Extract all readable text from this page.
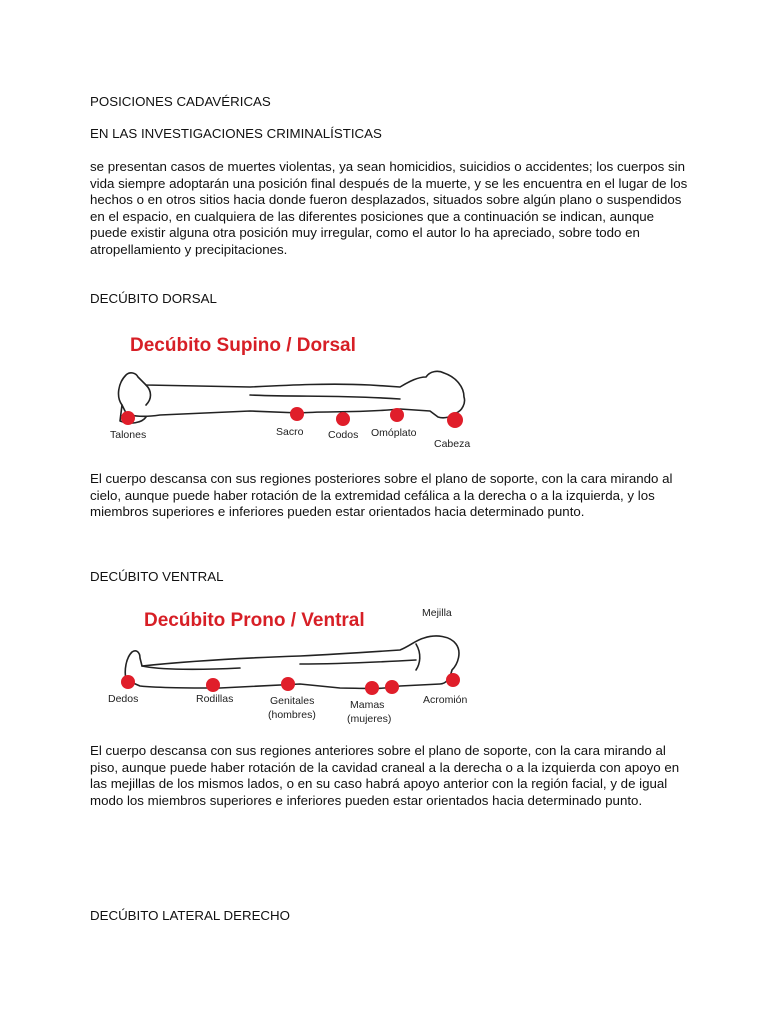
POSICIONES CADAVÉRICAS

EN LAS INVESTIGACIONES CRIMINALÍSTICAS

se presentan casos de muertes violentas, ya sean homicidios, suicidios o accidentes; los cuerpos sin vida siempre adoptarán una posición final después de la muerte, y se les encuentra en el lugar de los hechos o en otros sitios hacia donde fueron desplazados, situados sobre algún plano o suspendidos en el espacio, en cualquiera de las diferentes posiciones que a continuación se indican, aunque puede existir alguna otra posición muy irregular, como el autor lo ha apreciado, sobre todo en atropellamiento y precipitaciones.

DECÚBITO DORSAL

Decúbito Supino / Dorsal
Talones	Sacro Codos Omóplato
Cabeza

El cuerpo descansa con sus regiones posteriores sobre el plano de soporte, con la cara mirando al cielo, aunque puede haber rotación de la extremidad cefálica a la derecha o a la izquierda, y los miembros superiores e inferiores pueden estar orientados hacia determinado punto.

DECÚBITO VENTRAL

Decúbito Prono / Ventral	Mejilla
Dedos	Rodillas	Genitales
(hombres)
Mamas
(mujeres)
Acromión

El cuerpo descansa con sus regiones anteriores sobre el plano de soporte, con la cara mirando al piso, aunque puede haber rotación de la cavidad craneal a la derecha o a la izquierda con apoyo en las mejillas de los mismos lados, o en su caso habrá apoyo anterior con la región facial, y de igual modo los miembros superiores e inferiores pueden estar orientados hacia determinado punto.

DECÚBITO LATERAL DERECHO
